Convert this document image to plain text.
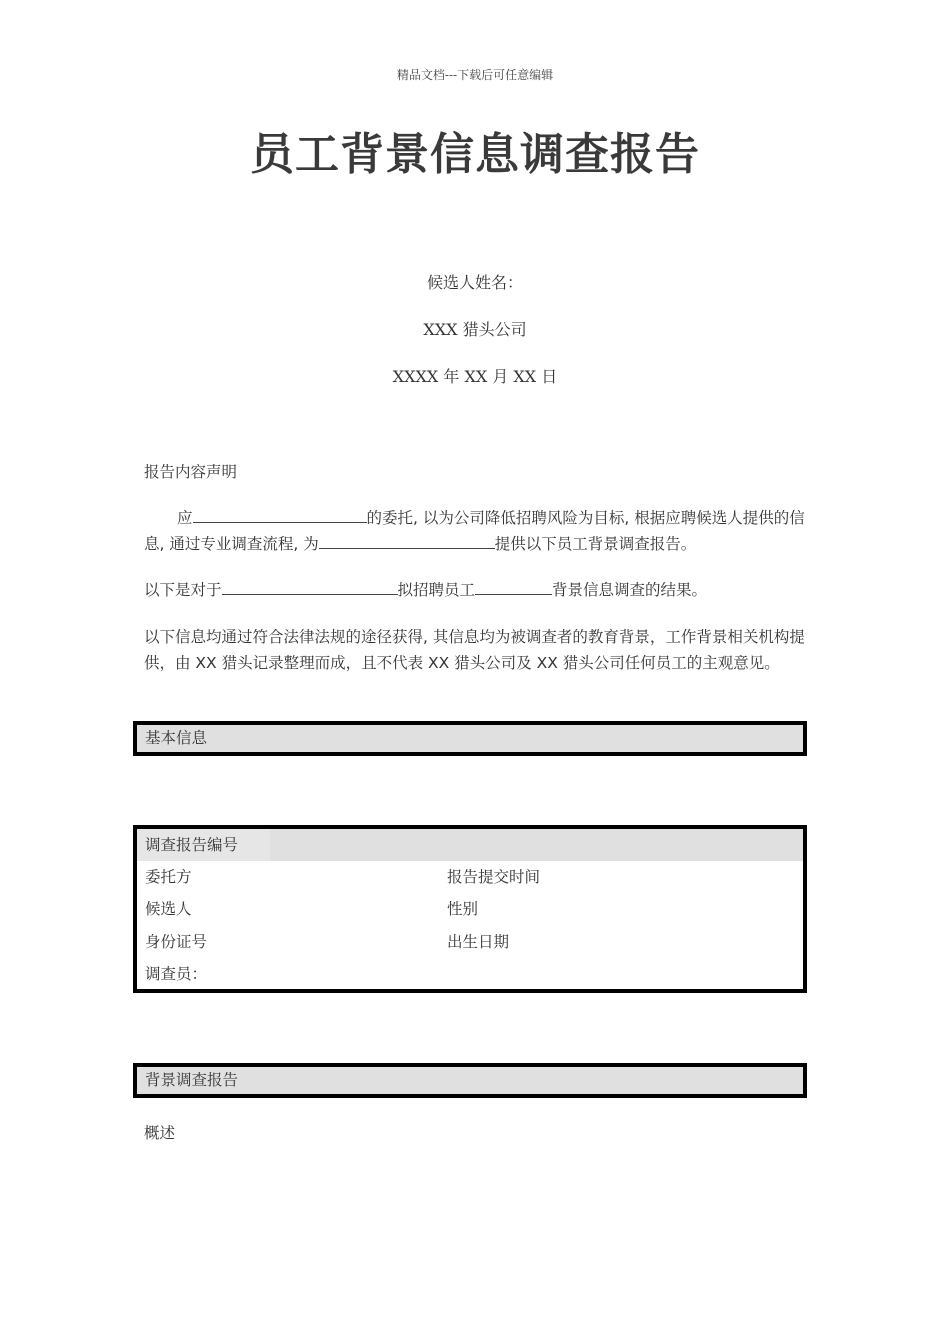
精品文档---下载后可任意编辑
员工背景信息调查报告
候选人姓名：
XXX 猎头公司
XXXX 年 XX 月 XX 日
报告内容声明
应	的委托, 以为公司降低招聘风险为目标, 根据应聘候选人提供的信息, 通过专业调查流程, 为	提供以下员工背景调查报告。
以下是对于	拟招聘员工	背景信息调查的结果。
以下信息均通过符合法律法规的途径获得, 其信息均为被调查者的教育背景，工作背景相关机构提供，由 XX 猎头记录整理而成，且不代表 XX 猎头公司及 XX 猎头公司任何员工的主观意见。
基本信息
调查报告编号
委托方	报告提交时间
候选人	性别
身份证号	出生日期
调查员：
背景调查报告
概述
